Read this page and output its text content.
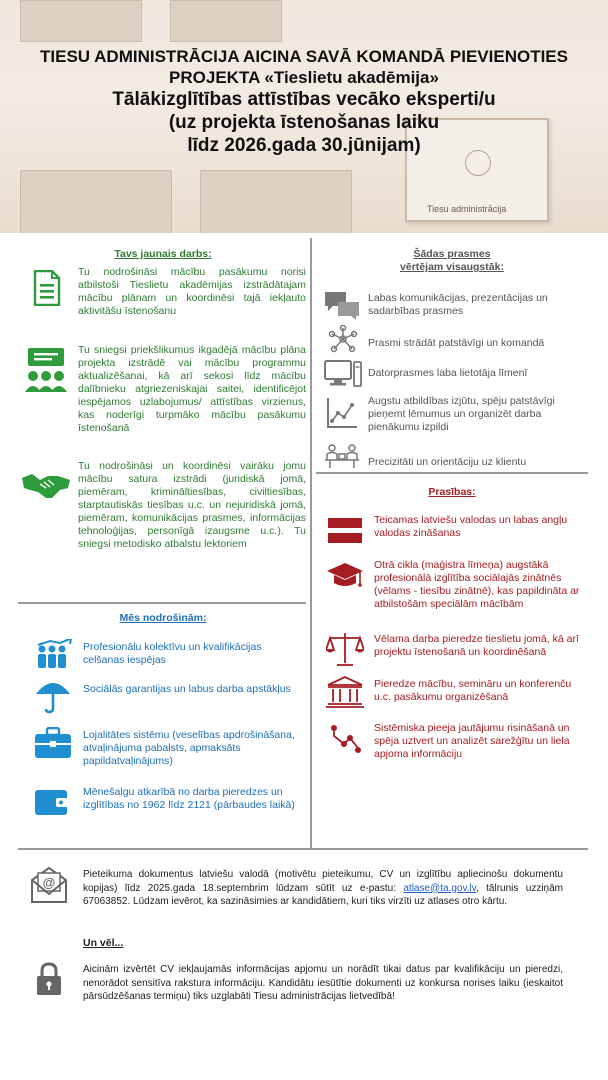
Tiesu administrācija
TIESU ADMINISTRĀCIJA AICINA SAVĀ KOMANDĀ PIEVIENOTIES
PROJEKTA «Tieslietu akadēmija»
Tālākizglītības attīstības vecāko eksperti/u
(uz projekta īstenošanas laiku
līdz 2026.gada 30.jūnijam)
Tavs jaunais darbs:
Tu nodrošināsi mācību pasākumu norisi atbilstoši Tieslietu akadēmijas izstrādātajam mācību plānam un koordinēsi tajā iekļauto aktivitāšu īstenošanu
Tu sniegsi priekšlikumus ikgadējā mācību plāna projekta izstrādē vai mācību programmu aktualizēšanai, kā arī sekosi līdz mācību dalībnieku atgriezeniskajai saitei, identificējot iespējamos uzlabojumus/ attīstības virzienus, kas noderīgi turpmāko mācību pasākumu īstenošanā
Tu nodrošināsi un koordinēsi vairāku jomu mācību satura izstrādi (juridiskā jomā, piemēram, krimināltiesības, civiltiesības, starptautiskās tiesības u.c. un nejuridiskā jomā, piemēram, komunikācijas prasmes, informācijas tehnoloģijas, personīgā izaugsme u.c.). Tu sniegsi metodisko atbalstu lektoriem
Mēs nodrošinām:
Profesionālu kolektīvu un kvalifikācijas celšanas iespējas
Sociālās garantijas un labus darba apstākļus
Lojalitātes sistēmu (veselības apdrošināšana, atvaļinājuma pabalsts, apmaksāts papildatvaļinājums)
Mēnešalgu atkarībā no darba pieredzes un izglītības no 1962 līdz 2121 (pārbaudes laikā)
Šādas prasmes
vērtējam visaugstāk:
Labas komunikācijas, prezentācijas un sadarbības prasmes
Prasmi strādāt patstāvīgi un komandā
Datorprasmes laba lietotāja līmenī
Augstu atbildības izjūtu, spēju patstāvīgi pieņemt lēmumus un organizēt darba pienākumu izpildi
Precizitāti un orientāciju uz klientu
Prasības:
Teicamas latviešu valodas un labas angļu valodas zināšanas
Otrā cikla (maģistra līmeņa) augstākā profesionālā izglītība sociālajās zinātnēs (vēlams - tiesību zinātnē), kas papildināta ar atbilstošām speciālām mācībām
Vēlama darba pieredze tieslietu jomā, kā arī projektu īstenošanā un koordinēšanā
Pieredze mācību, semināru un konferenču u.c. pasākumu organizēšanā
Sistēmiska pieeja jautājumu risināšanā un spēja uztvert un analizēt sarežģītu un liela apjoma informāciju
@
Pieteikuma dokumentus latviešu valodā (motivētu pieteikumu, CV un izglītību apliecinošu dokumentu kopijas) līdz 2025.gada 18.septembrim lūdzam sūtīt uz e-pastu: atlase@ta.gov.lv, tālrunis uzziņām 67063852. Lūdzam ievērot, ka sazināsimies ar kandidātiem, kuri tiks virzīti uz atlases otro kārtu.
Un vēl...
Aicinām izvērtēt CV iekļaujamās informācijas apjomu un norādīt tikai datus par kvalifikāciju un pieredzi, nenorādot sensitīva rakstura informāciju. Kandidātu iesūtītie dokumenti uz konkursa norises laiku (ieskaitot pārsūdzēšanas termiņu) tiks uzglabāti Tiesu administrācijas lietvedībā!
